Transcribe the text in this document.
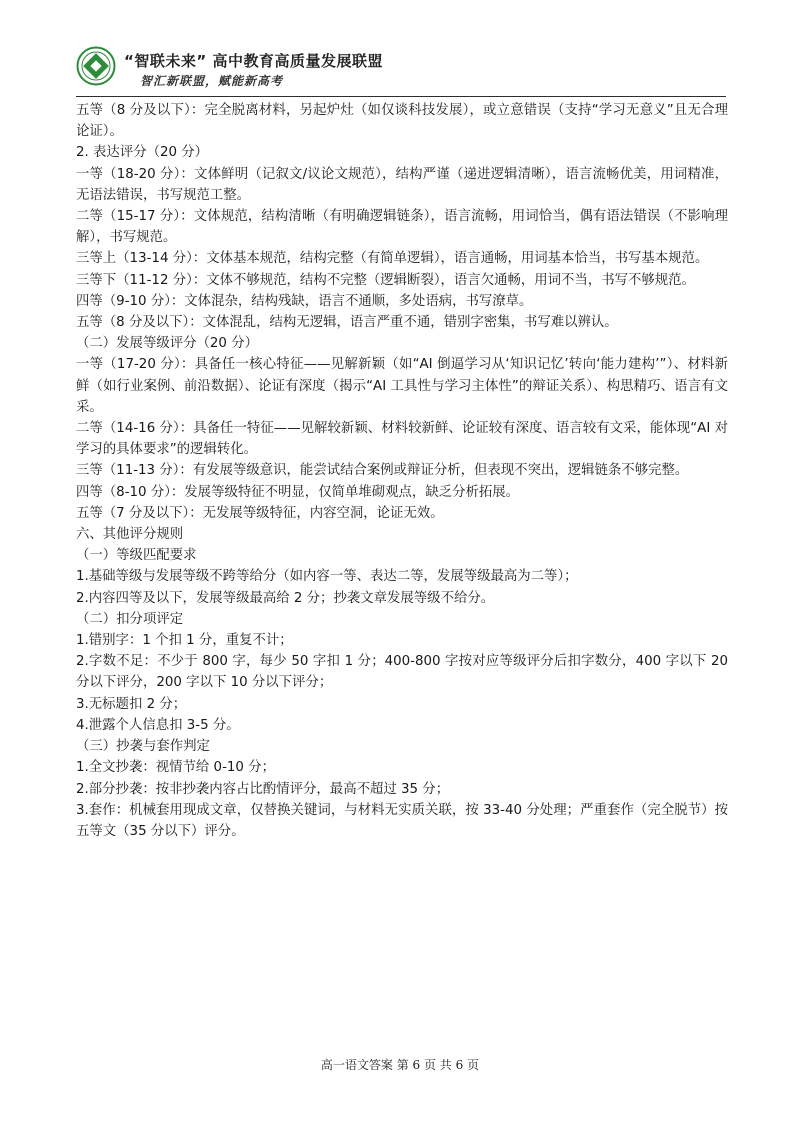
“智联未来” 高中教育高质量发展联盟
智汇新联盟，赋能新高考

五等（8 分及以下）：完全脱离材料，另起炉灶（如仅谈科技发展），或立意错误（支持“学习无意义”且无合理论证）。

2. 表达评分（20 分）

一等（18-20 分）：文体鲜明（记叙文/议论文规范），结构严谨（递进逻辑清晰），语言流畅优美，用词精准，无语法错误，书写规范工整。

二等（15-17 分）：文体规范，结构清晰（有明确逻辑链条），语言流畅，用词恰当，偶有语法错误（不影响理解），书写规范。

三等上（13-14 分）：文体基本规范，结构完整（有简单逻辑），语言通畅，用词基本恰当，书写基本规范。

三等下（11-12 分）：文体不够规范，结构不完整（逻辑断裂），语言欠通畅，用词不当，书写不够规范。

四等（9-10 分）：文体混杂，结构残缺，语言不通顺，多处语病，书写潦草。

五等（8 分及以下）：文体混乱，结构无逻辑，语言严重不通，错别字密集，书写难以辨认。

（二）发展等级评分（20 分）

一等（17-20 分）：具备任一核心特征——见解新颖（如“AI 倒逼学习从‘知识记忆’转向‘能力建构’”）、材料新鲜（如行业案例、前沿数据）、论证有深度（揭示“AI 工具性与学习主体性”的辩证关系）、构思精巧、语言有文采。

二等（14-16 分）：具备任一特征——见解较新颖、材料较新鲜、论证较有深度、语言较有文采，能体现“AI 对学习的具体要求”的逻辑转化。

三等（11-13 分）：有发展等级意识，能尝试结合案例或辩证分析，但表现不突出，逻辑链条不够完整。

四等（8-10 分）：发展等级特征不明显，仅简单堆砌观点，缺乏分析拓展。

五等（7 分及以下）：无发展等级特征，内容空洞，论证无效。

六、其他评分规则

（一）等级匹配要求

1.基础等级与发展等级不跨等给分（如内容一等、表达二等，发展等级最高为二等）；

2.内容四等及以下，发展等级最高给 2 分；抄袭文章发展等级不给分。

（二）扣分项评定

1.错别字：1 个扣 1 分，重复不计；

2.字数不足：不少于 800 字，每少 50 字扣 1 分；400-800 字按对应等级评分后扣字数分，400 字以下 20 分以下评分，200 字以下 10 分以下评分；

3.无标题扣 2 分；

4.泄露个人信息扣 3-5 分。

（三）抄袭与套作判定

1.全文抄袭：视情节给 0-10 分；

2.部分抄袭：按非抄袭内容占比酌情评分，最高不超过 35 分；

3.套作：机械套用现成文章，仅替换关键词，与材料无实质关联，按 33-40 分处理；严重套作（完全脱节）按五等文（35 分以下）评分。

高一语文答案 第 6 页 共 6 页
